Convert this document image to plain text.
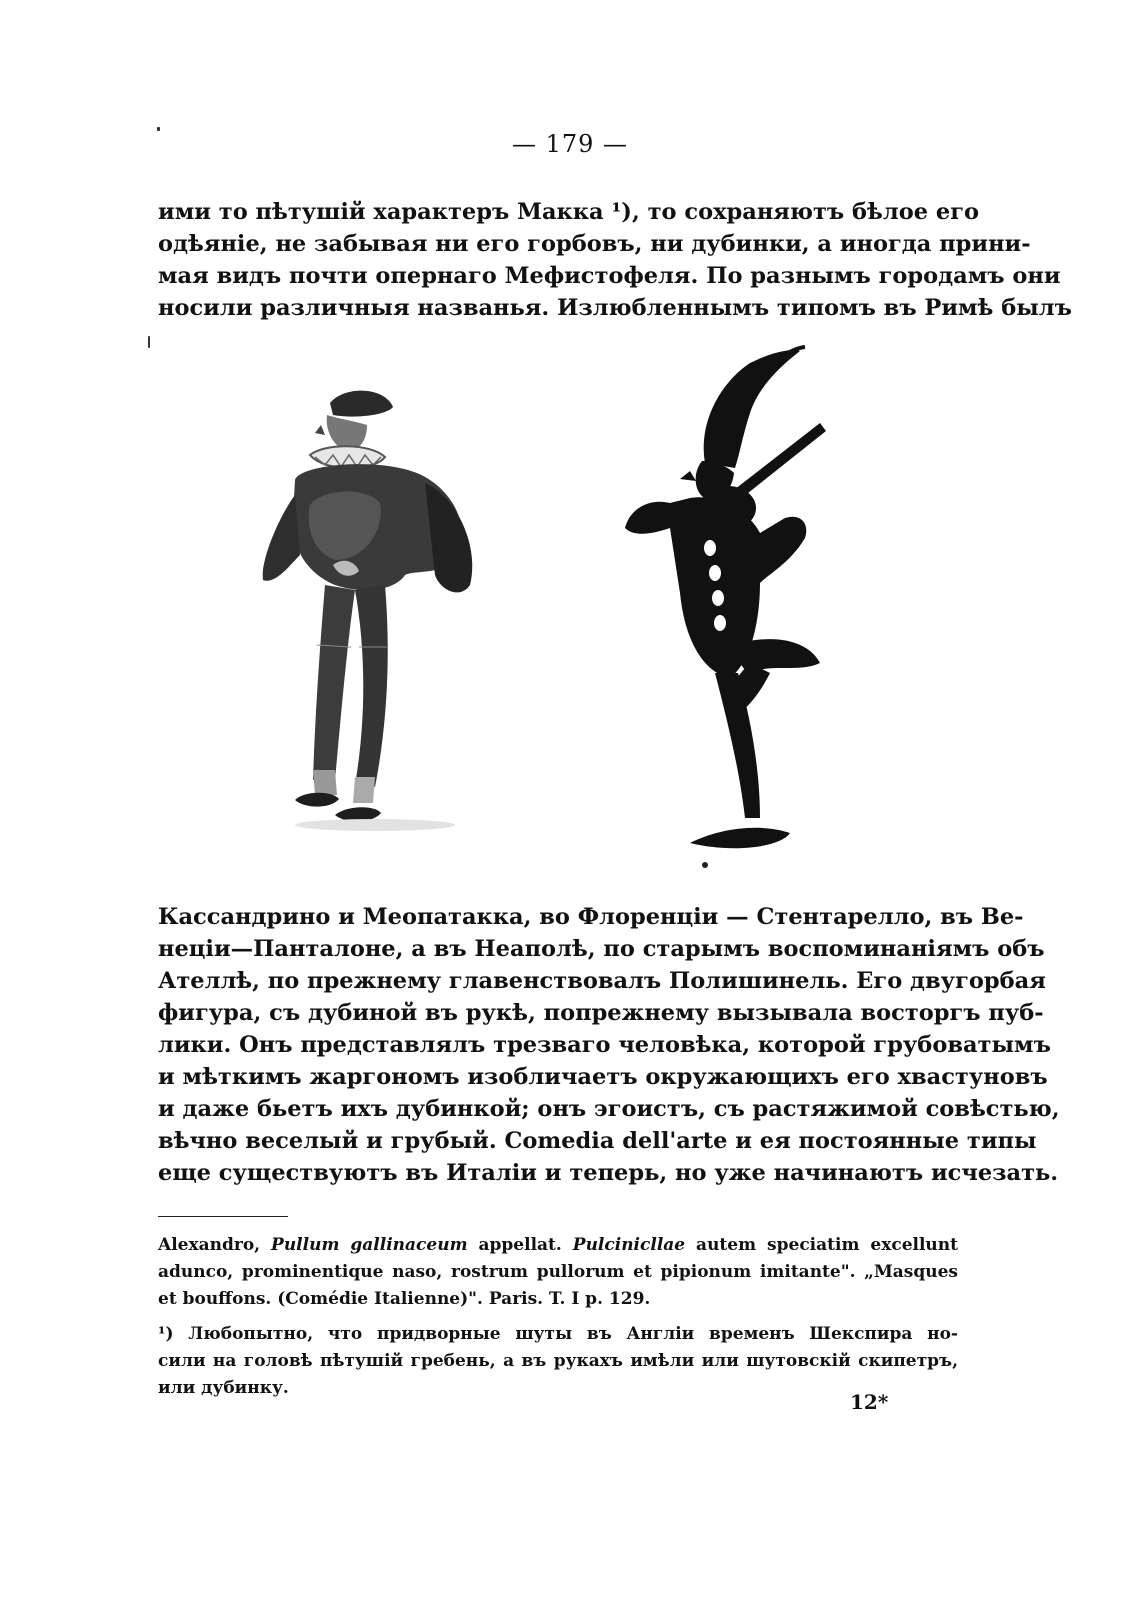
— 179 —
ими то пѣтушій характеръ Макка ¹), то сохраняютъ бѣлое его
одѣяніе, не забывая ни его горбовъ, ни дубинки, а иногда прини-
мая видъ почти опернаго Мефистофеля. По разнымъ городамъ они
носили различныя названья. Излюбленнымъ типомъ въ Римѣ былъ
Кассандрино и Меопатакка, во Флоренціи — Стентарелло, въ Ве-
неціи—Панталоне, а въ Неаполѣ, по старымъ воспоминаніямъ объ
Ателлѣ, по прежнему главенствовалъ Полишинель. Его двугорбая
фигура, съ дубиной въ рукѣ, попрежнему вызывала восторгъ пуб-
лики. Онъ представлялъ трезваго человѣка, которой грубоватымъ
и мѣткимъ жаргономъ изобличаетъ окружающихъ его хвастуновъ
и даже бьетъ ихъ дубинкой; онъ эгоистъ, съ растяжимой совѣстью,
вѣчно веселый и грубый. Comedia dell'arte и ея постоянные типы
еще существуютъ въ Италіи и теперь, но уже начинаютъ исчезать.
Alexandro, Pullum gallinaceum appellat. Pulcinicllae autem speciatim excellunt
adunco, prominentique naso, rostrum pullorum et pipionum imitante". „Masques
et bouffons. (Comédie Italienne)". Paris. T. I p. 129.
¹) Любопытно, что придворные шуты въ Англіи временъ Шекспира но-
сили на головѣ пѣтушій гребень, а въ рукахъ имѣли или шутовскій скипетръ,
или дубинку.
12*
